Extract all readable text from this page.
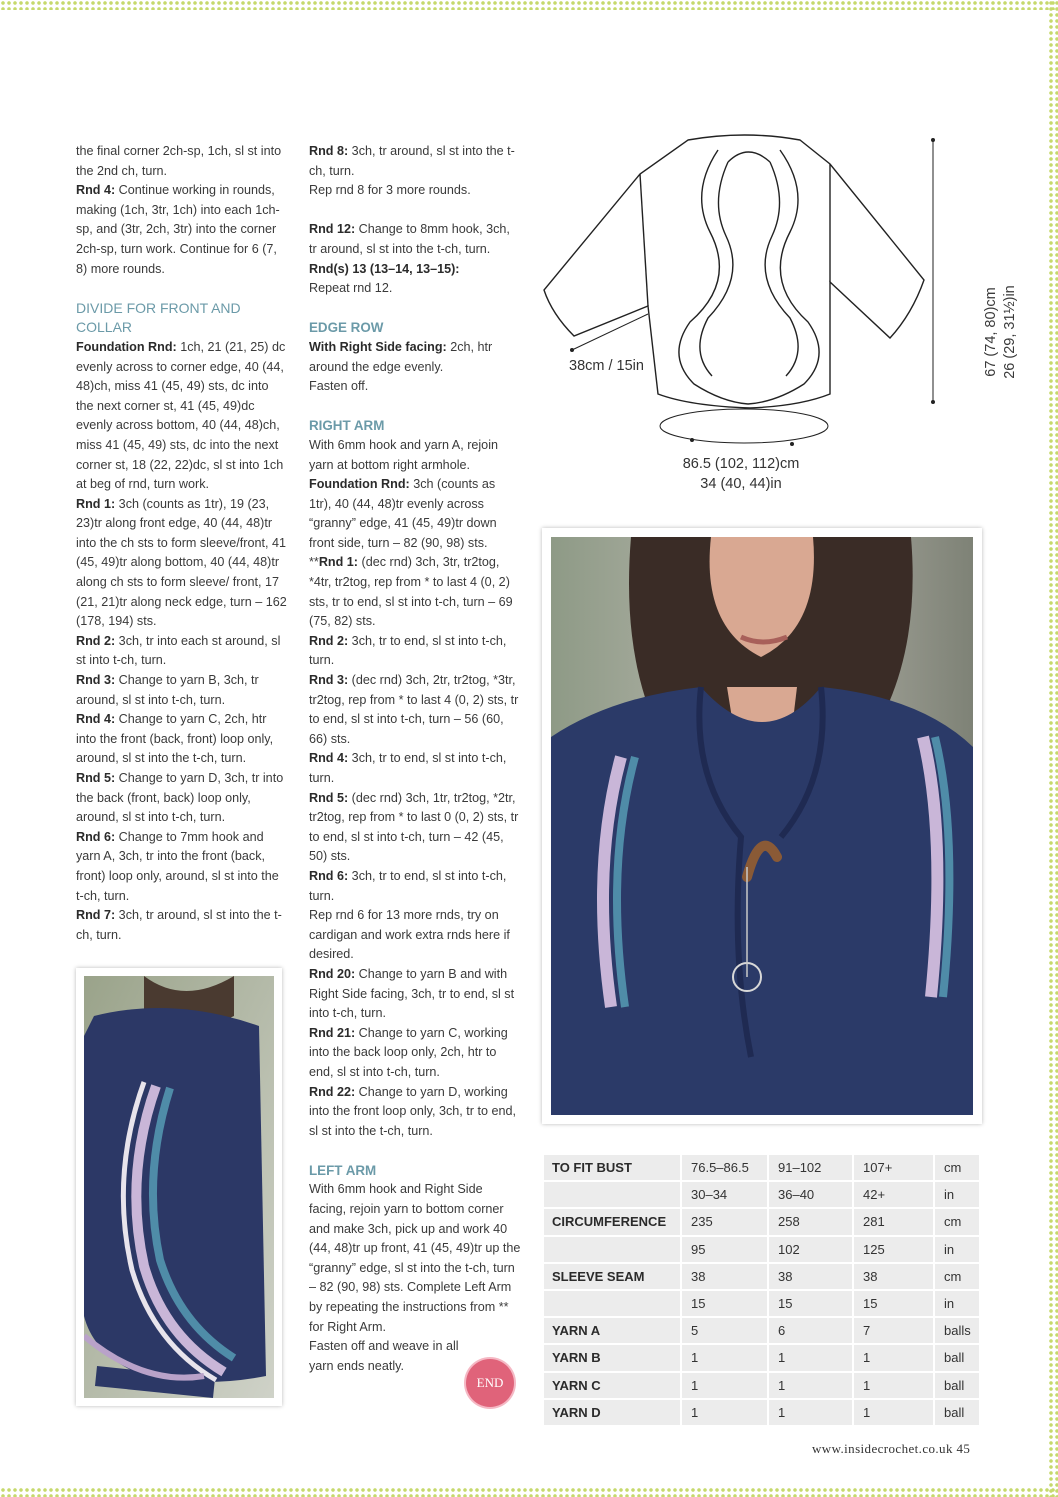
the final corner 2ch-sp, 1ch, sl st into the 2nd ch, turn.

Rnd 4: Continue working in rounds, making (1ch, 3tr, 1ch) into each 1ch-sp, and (3tr, 2ch, 3tr) into the corner 2ch-sp, turn work. Continue for 6 (7, 8) more rounds.

DIVIDE FOR FRONT AND COLLAR

Foundation Rnd: 1ch, 21 (21, 25) dc evenly across to corner edge, 40 (44, 48)ch, miss 41 (45, 49) sts, dc into the next corner st, 41 (45, 49)dc evenly across bottom, 40 (44, 48)ch, miss 41 (45, 49) sts, dc into the next corner st, 18 (22, 22)dc, sl st into 1ch at beg of rnd, turn work.

Rnd 1: 3ch (counts as 1tr), 19 (23, 23)tr along front edge, 40 (44, 48)tr into the ch sts to form sleeve/front, 41 (45, 49)tr along bottom, 40 (44, 48)tr along ch sts to form sleeve/ front, 17 (21, 21)tr along neck edge, turn – 162 (178, 194) sts.

Rnd 2: 3ch, tr into each st around, sl st into t-ch, turn.

Rnd 3: Change to yarn B, 3ch, tr around, sl st into t-ch, turn.

Rnd 4: Change to yarn C, 2ch, htr into the front (back, front) loop only, around, sl st into the t-ch, turn.

Rnd 5: Change to yarn D, 3ch, tr into the back (front, back) loop only, around, sl st into t-ch, turn.

Rnd 6: Change to 7mm hook and yarn A, 3ch, tr into the front (back, front) loop only, around, sl st into the t-ch, turn.

Rnd 7: 3ch, tr around, sl st into the t-ch, turn.

Rnd 8: 3ch, tr around, sl st into the t-ch, turn.

Rep rnd 8 for 3 more rounds.

Rnd 12: Change to 8mm hook, 3ch, tr around, sl st into the t-ch, turn.

Rnd(s) 13 (13–14, 13–15):

Repeat rnd 12.

EDGE ROW

With Right Side facing: 2ch, htr around the edge evenly.

Fasten off.

RIGHT ARM

With 6mm hook and yarn A, rejoin yarn at bottom right armhole.

Foundation Rnd: 3ch (counts as 1tr), 40 (44, 48)tr evenly across “granny” edge, 41 (45, 49)tr down front side, turn – 82 (90, 98) sts.

**Rnd 1: (dec rnd) 3ch, 3tr, tr2tog, *4tr, tr2tog, rep from * to last 4 (0, 2) sts, tr to end, sl st into t-ch, turn – 69 (75, 82) sts.

Rnd 2: 3ch, tr to end, sl st into t-ch, turn.

Rnd 3: (dec rnd) 3ch, 2tr, tr2tog, *3tr, tr2tog, rep from * to last 4 (0, 2) sts, tr to end, sl st into t-ch, turn – 56 (60, 66) sts.

Rnd 4: 3ch, tr to end, sl st into t-ch, turn.

Rnd 5: (dec rnd) 3ch, 1tr, tr2tog, *2tr, tr2tog, rep from * to last 0 (0, 2) sts, tr to end, sl st into t-ch, turn – 42 (45, 50) sts.

Rnd 6: 3ch, tr to end, sl st into t-ch, turn.

Rep rnd 6 for 13 more rnds, try on cardigan and work extra rnds here if desired.

Rnd 20: Change to yarn B and with Right Side facing, 3ch, tr to end, sl st into t-ch, turn.

Rnd 21: Change to yarn C, working into the back loop only, 2ch, htr to end, sl st into t-ch, turn.

Rnd 22: Change to yarn D, working into the front loop only, 3ch, tr to end, sl st into the t-ch, turn.

LEFT ARM

With 6mm hook and Right Side facing, rejoin yarn to bottom corner and make 3ch, pick up and work 40 (44, 48)tr up front, 41 (45, 49)tr up the “granny” edge, sl st into the t-ch, turn – 82 (90, 98) sts. Complete Left Arm by repeating the instructions from ** for Right Arm.

Fasten off and weave in all yarn ends neatly.

END
38cm / 15in
86.5 (102, 112)cm
34 (40, 44)in
67 (74, 80)cm 26 (29, 31½)in
TO FIT BUST	76.5–86.5	91–102	107+	cm
	30–34	36–40	42+	in
CIRCUMFERENCE	235	258	281	cm
	95	102	125	in
SLEEVE SEAM	38	38	38	cm
	15	15	15	in
YARN A	5	6	7	balls
YARN B	1	1	1	ball
YARN C	1	1	1	ball
YARN D	1	1	1	ball
www.insidecrochet.co.uk 45
